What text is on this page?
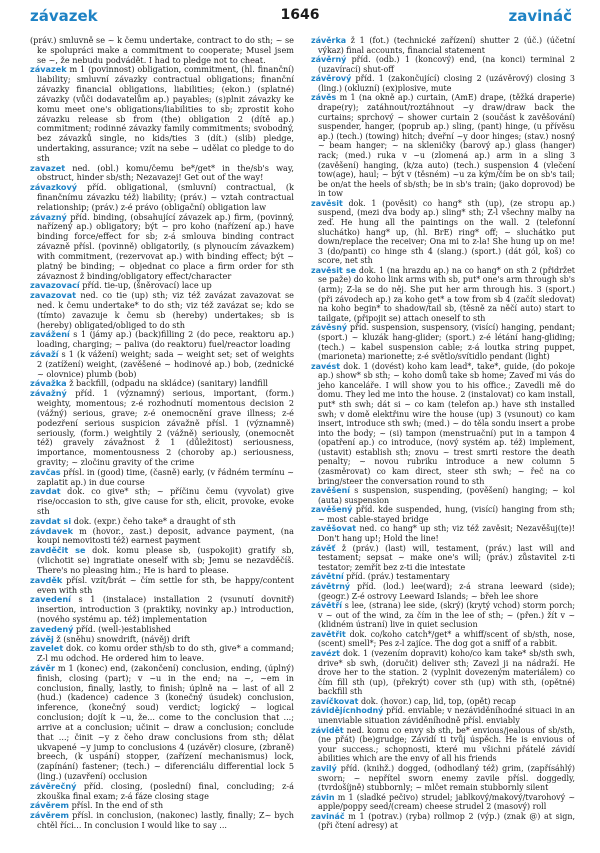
závazek	1646	zavináč

(práv.) smluvně se ~ k čemu undertake, contract to do sth; ~ se ke spolupráci make a commitment to cooperate; Musel jsem se ~, že nebudu podvádět. I had to pledge not to cheat.

závazek m 1 (povinnost) obligation, commitment, (hl. finanční) liability; smluvní závazky contractual obligations; finanční závazky financial obligations, liabilities; (ekon.) (splatné) závazky (vůči dodavatelům ap.) payables; (s)plnit závazky ke komu meet one's obligations/liabilities to sb; zprostit koho závazku release sb from (the) obligation 2 (dítě ap.) commitment; rodinné závazky family commitments; svobodný, bez závazků single, no kids/ties 3 (dít.) (slib) pledge, undertaking, assurance; vzít na sebe ~ udělat co pledge to do sth

zavazet ned. (obl.) komu/čemu be*/get* in the/sb's way, obstruct, hinder sb/sth; Nezavazej! Get out of the way!

závazkový příd. obligational, (smluvní) contractual, (k finančnímu závazku též) liability; (práv.) ~ vztah contractual relationship; (práv.) z-é právo (obligační) obligation law

závazný příd. binding, (obsahující závazek ap.) firm, (povinný, nařízený ap.) obligatory; být ~ pro koho (nařízení ap.) have binding force/effect for sb; z-á smlouva binding contract závazně přísl. (povinně) obligatorily, (s plynoucím závazkem) with commitment, (rezervovat ap.) with binding effect; být ~ platný be binding; ~ objednat co place a firm order for sth závaznost ž binding/obligatory effect/character

zavazovací příd. tie-up, (šněrovací) lace up

zavazovat ned. co tie (up) sth; viz též zavázat zavazovat se ned. k čemu undertake* to do sth; viz též zavázat se; kdo se (tímto) zavazuje k čemu sb (hereby) undertakes; sb is (hereby) obligated/obliged to do sth

zavážení s 1 (jámy ap.) (back)filling 2 (do pece, reaktoru ap.) loading, charging; ~ paliva (do reaktoru) fuel/reactor loading

závaží s 1 (k vážení) weight; sada ~ weight set; set of weights 2 (zatížení) weight, (zavěšené ~ hodinové ap.) bob, (zednické ~ olovnice) plumb (bob)

závažka ž backfill, (odpadu na skládce) (sanitary) landfill

závažný příd. 1 (významný) serious, important, (form.) weighty, momentous; z-é rozhodnutí momentous decision 2 (vážný) serious, grave; z-é onemocnění grave illness; z-é podezření serious suspicion závažně přísl. 1 (významně) seriously, (form.) weightily 2 (vážně) seriously, (onemocnět též) gravely závažnost ž 1 (důležitost) seriousness, importance, momentousness 2 (choroby ap.) seriousness, gravity; ~ zločinu gravity of the crime

zavčas přísl. in (good) time, (časně) early, (v řádném termínu ~ zaplatit ap.) in due course

zavdat dok. co give* sth; ~ příčinu čemu (vyvolat) give rise/occasion to sth, give cause for sth, elicit, provoke, evoke sth

zavdat si dok. (expr.) čeho take* a draught of sth

závdavek m (hovor., zast.) deposit, advance payment, (na koupi nemovitosti též) earnest payment

zavděčit se dok. komu please sb, (uspokojit) gratify sb, (vlichotit se) ingratiate oneself with sb; Jemu se nezavděčíš. There's no pleasing him.; He is hard to please.

zavděk přísl. vzít/brát ~ čím settle for sth, be happy/content even with sth

zavedení s 1 (instalace) installation 2 (vsunutí dovnitř) insertion, introduction 3 (praktiky, novinky ap.) introduction, (nového systému ap. též) implementation

zavedený příd. (well-)established

závěj ž (sněhu) snowdrift, (návěj) drift

zavelet dok. co komu order sth/sb to do sth, give* a command; Z-l mu odchod. He ordered him to leave.

závěr m 1 (konec) end, (zakončení) conclusion, ending, (úplný) finish, closing (part); v ~u in the end; na ~, ~em in conclusion, finally, lastly, to finish; úplně na ~ last of all 2 (hud.) (kadence) cadence 3 (konečný úsudek) conclusion, inference, (konečný soud) verdict; logický ~ logical conclusion; dojít k ~u, že... come to the conclusion that ...; arrive at a conclusion; učinit ~ draw a conclusion; conclude that ...; činit ~y z čeho draw conclusions from sth; dělat ukvapené ~y jump to conclusions 4 (uzávěr) closure, (zbraně) breech, (k uspání) stopper, (zařízení mechanismus) lock, (zapínání) fastener; (tech.) ~ diferenciálu differential lock 5 (ling.) (uzavření) occlusion

závěrečný příd. closing, (poslední) final, concluding; z-á zkouška final exam; z-á fáze closing stage

závěrem přísl. In the end of sth

závěrem přísl. in conclusion, (nakonec) lastly, finally; Z~ bych chtěl říci... In conclusion I would like to say ...

závěrka ž 1 (fot.) (technické zařízení) shutter 2 (úč.) (účetní výkaz) final accounts, financial statement

závěrný příd. (odb.) 1 (koncový) end, (na konci) terminal 2 (uzavírací) shut-off

závěrový příd. 1 (zakončující) closing 2 (uzávěrový) closing 3 (ling.) (okluzní) (ex)plosive, mute

závěs m 1 (na okně ap.) curtain, (AmE) drape, (těžká draperie) drape(ry); zatáhnout/roztáhnout ~y draw/draw back the curtains; sprchový ~ shower curtain 2 (součást k zavěšování) suspender, hanger, (poprub ap.) sling, (pant) hinge, (u přívěsu ap.) (tech.) (towing) hitch; dveřní ~y door hinges; (stav.) nosný ~ beam hanger; ~ na skleničky (barový ap.) glass (hanger) rack; (med.) ruka v ~u (zlomená ap.) arm in a sling 3 (zavěšení) hanging, (k/za auto) (tech.) suspension 4 (vlečení tow(age), haul; ~ být v (těsném) ~u za kým/čím be on sb's tail; be on/at the heels of sb/sth; be in sb's train; (jako doprovod) be in tow

zavěsit dok. 1 (pověsit) co hang* sth (up), (ze stropu ap.) suspend, (mezi dva body ap.) sling* sth; Z-l všechny malby na zeď. He hung all the paintings on the wall. 2 (telefonní sluchátko) hang* up, (hl. BrE) ring* off; ~ sluchátko put down/replace the receiver; Ona mi to z-la! She hung up on me! 3 (do/panti) co hinge sth 4 (slang.) (sport.) (dát gól, koš) co score, net sth

zavěsit se dok. 1 (na hrazdu ap.) na co hang* on sth 2 (přidržet se paže) do koho link arms with sb, put* one's arm through sb's (arm); Z-la se do něj. She put her arm through his. 3 (sport.) (při závodech ap.) za koho get* a tow from sb 4 (začít sledovat) na koho begin* to shadow/tail sb, (těsně za něčí auto) start to tailgate, (připojit se) attach oneself to sth

závěsný příd. suspension, suspensory, (visící) hanging, pendant; (sport.) ~ kluzák hang-glider; (sport.) z-é létání hang-gliding; (tech.) ~ kabel suspension cable; z-á loutka string puppet, (marioneta) marionette; z-é světlo/svítidlo pendant (light)

zavést dok. 1 (dovést) koho kam lead*, take*, guide, (do pokoje ap.) show* sb sth; ~ koho domů take sb home; Zaveď mi vás do jeho kanceláře. I will show you to his office.; Zavedli mě do domu. They led me into the house. 2 (instalovat) co kam install, put* sth swh; dát si ~ co kam (telefon ap.) have sth installed swh; v domě elektřinu wire the house (up) 3 (vsunout) co kam insert, introduce sth swh; (med.) ~ do těla sondu insert a probe into the body; ~ (si) tampon (menstruační) put in a tampon 4 (opatření ap.) co introduce, (nový systém ap. též) implement, (ustavit) establish sth; znovu ~ trest smrti restore the death penalty; ~ novou rubriku introduce a new column 5 (zasměrovat) co kam direct, steer sth swh; ~ řeč na co bring/steer the conversation round to sth

zavěšení s suspension, suspending, (pověšení) hanging; ~ kol (auta) suspension

zavěšený příd. kde suspended, hung, (visící) hanging from sth; ~ most cable-stayed bridge

zavěšovat ned. co hang* up sth; viz též zavěsit; Nezavěšuj(te)! Don't hang up!; Hold the line!

závěť ž (práv.) (last) will, testament, (práv.) last will and testament; sepsat ~ make one's will; (práv.) zůstavitel z-ti testator; zemřít bez z-ti die intestate

závětní příd. (práv.) testamentary

závětrný příd. (lod.) lee(ward); z-á strana leeward (side); (geogr.) Z-é ostrovy Leeward Islands; ~ břeh lee shore

závětří s lee, (strana) lee side, (skrý) (krytý vchod) storm porch; v ~ out of the wind, za čím in the lee of sth; ~ (přen.) žít v ~ (klidném ústraní) live in quiet seclusion

zavětřit dok. co/koho catch*/get* a whiff/scent of sb/sth, nose, (scent) smell*; Pes z-l zajíce. The dog got a sniff of a rabbit.

zavézt dok. 1 (vezením dopravit) koho/co kam take* sb/sth swh, drive* sb swh, (doručit) deliver sth; Zavezl ji na nádraží. He drove her to the station. 2 (vyplnit dovezeným materiálem) co čím fill sth (up), (překrýt) cover sth (up) with sth, (opětné) backfill sth

zavíčkovat dok. (hovor.) cap, lid, top, (opět) recap

závidějícnhodný příd. enviable; v nezáviděníhodné situaci in an unenviable situation záviděníhodně přísl. enviably

závidět ned. komu co envy sb sth, be* envious/jealous of sb/sth, (ne přát) (be)grudge; Závidí ti tvůj úspěch. He is envious of your success.; schopnosti, které mu všichni přátelé závidí abilities which are the envy of all his friends

zavilý příd. (knihž.) dogged, (odhodlaný též) grim, (zapřísáhlý) sworn; ~ nepřítel sworn enemy zavile přísl. doggedly, (tvrdošíjně) stubbornly; ~ mlčet remain stubbornly silent

závin m 1 (sladké pečivo) strudel; jablkový/makový/tvarohový ~ apple/poppy seed/(cream) cheese strudel 2 (masový) roll

zavináč m 1 (potrav.) (ryba) rollmop 2 (výp.) (znak @) at sign, (při čtení adresy) at
